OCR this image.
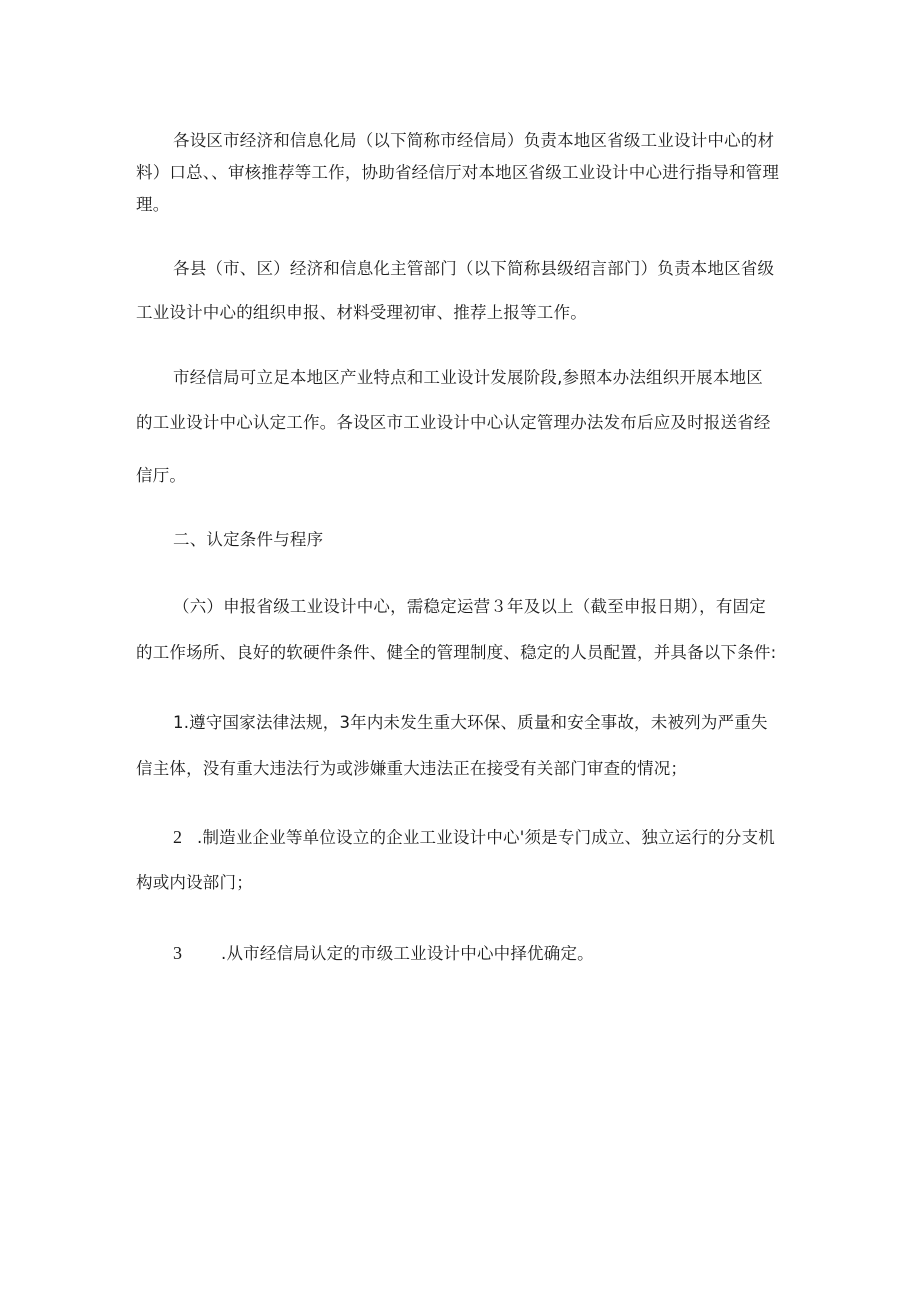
各设区市经济和信息化局（以下简称市经信局）负责本地区省级工业设计中心的材

料）口总、、审核推荐等工作，协助省经信厅对本地区省级工业设计中心进行指导和管理

理。

各县（市、区）经济和信息化主管部门（以下简称县级绍言部门）负责本地区省级

工业设计中心的组织申报、材料受理初审、推荐上报等工作。

市经信局可立足本地区产业特点和工业设计发展阶段,参照本办法组织开展本地区

的工业设计中心认定工作。各设区市工业设计中心认定管理办法发布后应及时报送省经

信厅。

二、认定条件与程序

（六）申报省级工业设计中心，需稳定运营３年及以上（截至申报日期），有固定

的工作场所、良好的软硬件条件、健全的管理制度、稳定的人员配置，并具备以下条件:

1.遵守国家法律法规，3年内未发生重大环保、质量和安全事故，未被列为严重失

信主体，没有重大违法行为或涉嫌重大违法正在接受有关部门审查的情况；

2 .制造业企业等单位设立的企业工业设计中心'须是专门成立、独立运行的分支机

构或内设部门；

3 .从市经信局认定的市级工业设计中心中择优确定。
